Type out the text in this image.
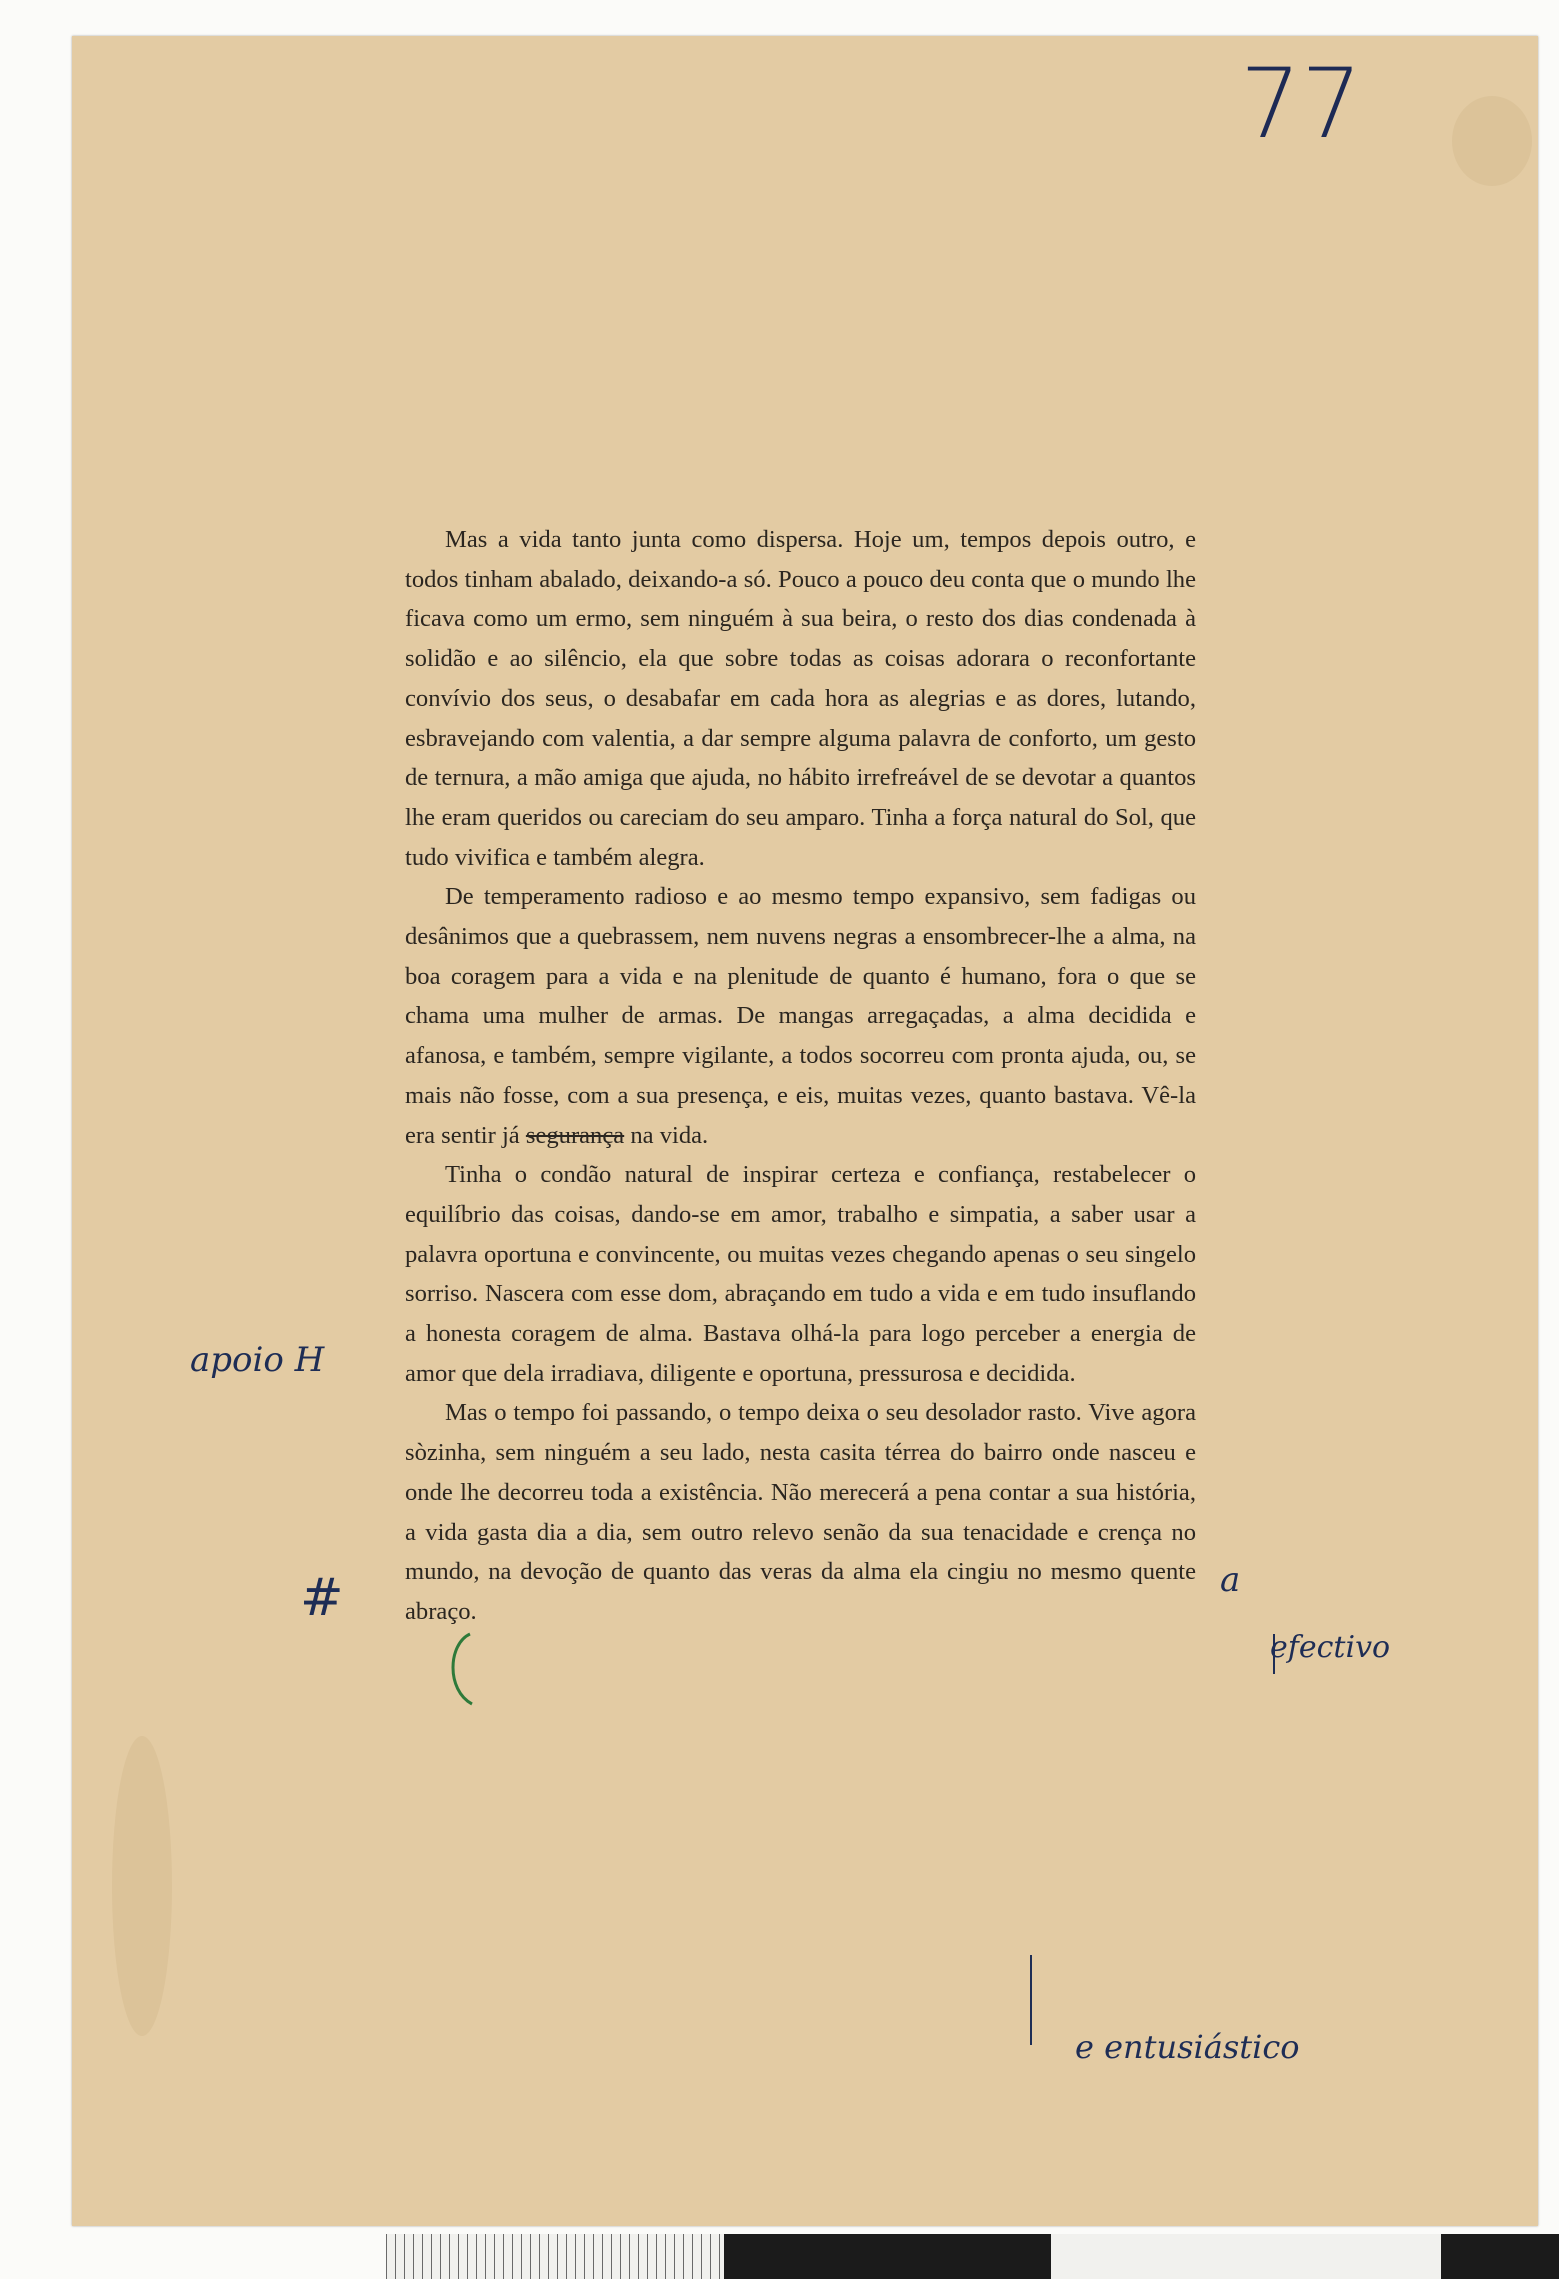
77

Mas a vida tanto junta como dispersa. Hoje um, tempos depois outro, e todos tinham abalado, deixando-a só. Pouco a pouco deu conta que o mundo lhe ficava como um ermo, sem ninguém à sua beira, o resto dos dias condenada à solidão e ao silêncio, ela que sobre todas as coisas adorara o reconfortante convívio dos seus, o desabafar em cada hora as alegrias e as dores, lutando, esbravejando com valentia, a dar sempre alguma palavra de conforto, um gesto de ternura, a mão amiga que ajuda, no hábito irrefreável de se devotar a quantos lhe eram queridos ou careciam do seu amparo. Tinha a força natural do Sol, que tudo vivifica e também alegra.

De temperamento radioso e ao mesmo tempo expansivo, sem fadigas ou desânimos que a quebrassem, nem nuvens negras a ensombrecer-lhe a alma, na boa coragem para a vida e na plenitude de quanto é humano, fora o que se chama uma mulher de armas. De mangas arregaçadas, a alma decidida e afanosa, e também, sempre vigilante, a todos socorreu com pronta ajuda, ou, se mais não fosse, com a sua presença, e eis, muitas vezes, quanto bastava. Vê-la era sentir já segurança na vida.

Tinha o condão natural de inspirar certeza e confiança, restabelecer o equilíbrio das coisas, dando-se em amor, trabalho e simpatia, a saber usar a palavra oportuna e convincente, ou muitas vezes chegando apenas o seu singelo sorriso. Nascera com esse dom, abraçando em tudo a vida e em tudo insuflando a honesta coragem de alma. Bastava olhá-la para logo perceber a energia de amor que dela irradiava, diligente e oportuna, pressurosa e decidida.

Mas o tempo foi passando, o tempo deixa o seu desolador rasto. Vive agora sòzinha, sem ninguém a seu lado, nesta casita térrea do bairro onde nasceu e onde lhe decorreu toda a existência. Não merecerá a pena contar a sua história, a vida gasta dia a dia, sem outro relevo senão da sua tenacidade e crença no mundo, na devoção de quanto das veras da alma ela cingiu no mesmo quente abraço.

apoio H
#	a
efectivo
e entusiástico
